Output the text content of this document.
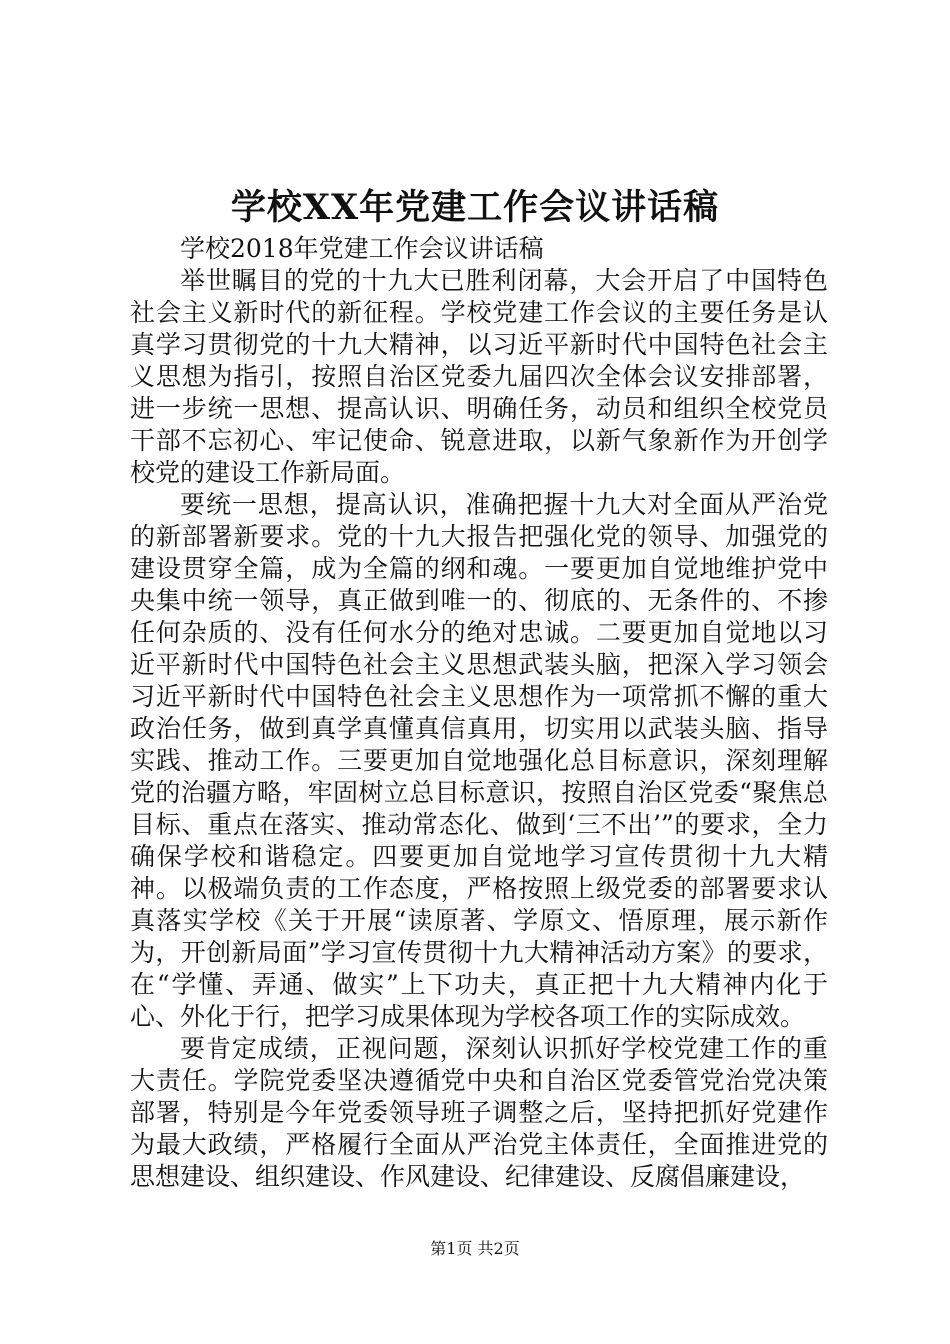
学校XX年党建工作会议讲话稿

学校2018年党建工作会议讲话稿

举世瞩目的党的十九大已胜利闭幕，大会开启了中国特色社会主义新时代的新征程。学校党建工作会议的主要任务是认真学习贯彻党的十九大精神，以习近平新时代中国特色社会主义思想为指引，按照自治区党委九届四次全体会议安排部署，进一步统一思想、提高认识、明确任务，动员和组织全校党员干部不忘初心、牢记使命、锐意进取，以新气象新作为开创学校党的建设工作新局面。

要统一思想，提高认识，准确把握十九大对全面从严治党的新部署新要求。党的十九大报告把强化党的领导、加强党的建设贯穿全篇，成为全篇的纲和魂。一要更加自觉地维护党中央集中统一领导，真正做到唯一的、彻底的、无条件的、不掺任何杂质的、没有任何水分的绝对忠诚。二要更加自觉地以习近平新时代中国特色社会主义思想武装头脑，把深入学习领会习近平新时代中国特色社会主义思想作为一项常抓不懈的重大政治任务，做到真学真懂真信真用，切实用以武装头脑、指导实践、推动工作。三要更加自觉地强化总目标意识，深刻理解党的治疆方略，牢固树立总目标意识，按照自治区党委“聚焦总目标、重点在落实、推动常态化、做到‘三不出’”的要求，全力确保学校和谐稳定。四要更加自觉地学习宣传贯彻十九大精神。以极端负责的工作态度，严格按照上级党委的部署要求认真落实学校《关于开展“读原著、学原文、悟原理，展示新作为，开创新局面”学习宣传贯彻十九大精神活动方案》的要求，在“学懂、弄通、做实”上下功夫，真正把十九大精神内化于心、外化于行，把学习成果体现为学校各项工作的实际成效。

要肯定成绩，正视问题，深刻认识抓好学校党建工作的重大责任。学院党委坚决遵循党中央和自治区党委管党治党决策部署，特别是今年党委领导班子调整之后，坚持把抓好党建作为最大政绩，严格履行全面从严治党主体责任，全面推进党的思想建设、组织建设、作风建设、纪律建设、反腐倡廉建设，

第1页 共2页
